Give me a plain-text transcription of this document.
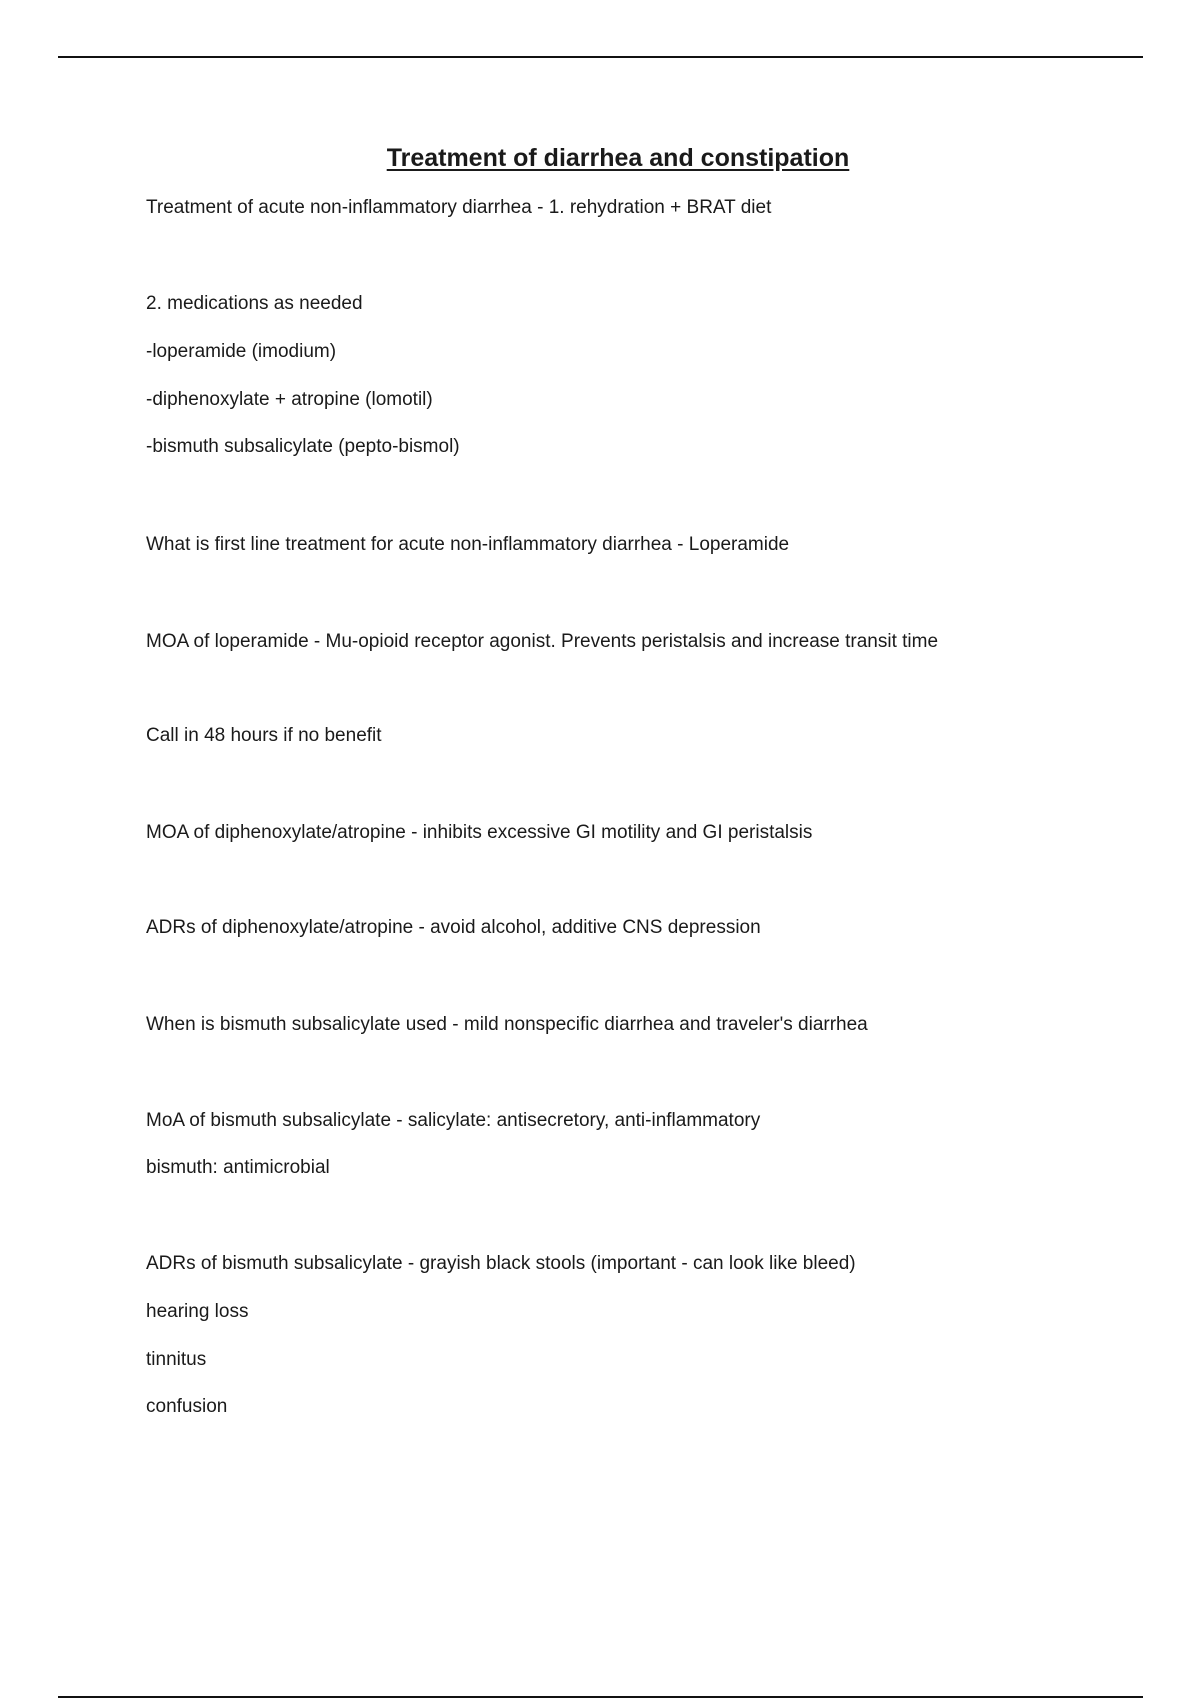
Treatment of diarrhea and constipation

Treatment of acute non-inflammatory diarrhea - 1. rehydration + BRAT diet

2. medications as needed

-loperamide (imodium)

-diphenoxylate + atropine (lomotil)

-bismuth subsalicylate (pepto-bismol)

What is first line treatment for acute non-inflammatory diarrhea - Loperamide

MOA of loperamide - Mu-opioid receptor agonist. Prevents peristalsis and increase transit time

Call in 48 hours if no benefit

MOA of diphenoxylate/atropine - inhibits excessive GI motility and GI peristalsis

ADRs of diphenoxylate/atropine - avoid alcohol, additive CNS depression

When is bismuth subsalicylate used - mild nonspecific diarrhea and traveler's diarrhea

MoA of bismuth subsalicylate - salicylate: antisecretory, anti-inflammatory

bismuth: antimicrobial

ADRs of bismuth subsalicylate - grayish black stools (important - can look like bleed)

hearing loss

tinnitus

confusion
